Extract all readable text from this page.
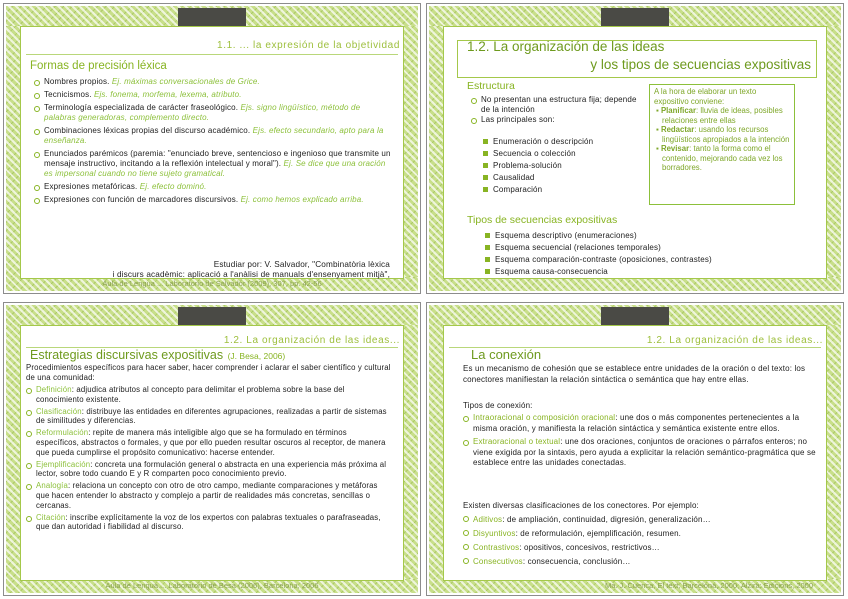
1.1. ... la expresión de la objetividad
Formas de precisión léxica
Nombres propios. Ej. máximas conversacionales de Grice.
Tecnicismos. Ejs. fonema, morfema, lexema, atributo.
Terminología especializada de carácter fraseológico. Ejs. signo lingüístico, método de palabras generadoras, complemento directo.
Combinaciones léxicas propias del discurso académico. Ejs. efecto secundario, apto para la enseñanza.
Enunciados parémicos (paremia: "enunciado breve, sentencioso e ingenioso que transmite un mensaje instructivo, incitando a la reflexión intelectual y moral"). Ej. Se dice que una oración es impersonal cuando no tiene sujeto gramatical.
Expresiones metafóricas. Ej. efecto dominó.
Expresiones con función de marcadores discursivos. Ej. como hemos explicado arriba.
Estudiar por: V. Salvador, "Combinatòria lèxica
i discurs acadèmic: aplicació a l'anàlisi de manuals d'ensenyament mitjà",
Aula de Lengua ... Laboratorio de Salvador (2009), 307, pp. 42-56
1.2. La organización de las ideas
y los tipos de secuencias expositivas
Estructura
No presentan una estructura fija; depende de la intención
Las principales son:
Enumeración o descripción
Secuencia o colección
Problema-solución
Causalidad
Comparación
A la hora de elaborar un texto expositivo conviene:
▪ Planificar: lluvia de ideas, posibles relaciones entre ellas
▪ Redactar: usando los recursos lingüísticos apropiados a la intención
▪ Revisar: tanto la forma como el contenido, mejorando cada vez los borradores.
Tipos de secuencias expositivas
Esquema descriptivo (enumeraciones)
Esquema secuencial (relaciones temporales)
Esquema comparación-contraste (oposiciones, contrastes)
Esquema causa-consecuencia
1.2. La organización de las ideas...
Estrategias discursivas expositivas (J. Besa, 2006)
Procedimientos específicos para hacer saber, hacer comprender i aclarar el saber científico y cultural de una comunidad:
Definición: adjudica atributos al concepto para delimitar el problema sobre la base del conocimiento existente.
Clasificación: distribuye las entidades en diferentes agrupaciones, realizadas a partir de sistemas de similitudes y diferencias.
Reformulación: repite de manera más inteligible algo que se ha formulado en términos específicos, abstractos o formales, y que por ello pueden resultar oscuros al receptor, de manera que pueda cumplirse el propósito comunicativo: hacerse entender.
Ejemplificación: concreta una formulación general o abstracta en una experiencia más próxima al lector, sobre todo cuando E y R comparten poco conocimiento previo.
Analogía: relaciona un concepto con otro de otro campo, mediante comparaciones y metáforas que hacen entender lo abstracto y complejo a partir de realidades más concretas, sencillas o cercanas.
Citación: inscribe explícitamente la voz de los expertos con palabras textuales o parafraseadas, que dan autoridad i fiabilidad al discurso.
Aula de Lengua ... Laboratorio de Besa (2006), Barcelona, 2006
1.2. La organización de las ideas...
La conexión
Es un mecanismo de cohesión que se establece entre unidades de la oración o del texto: los conectores manifiestan la relación sintáctica o semántica que hay entre ellas.
Tipos de conexión:
Intraoracional o composición oracional: une dos o más componentes pertenecientes a la misma oración, y manifiesta la relación sintáctica y semántica existente entre ellos.
Extraoracional o textual: une dos oraciones, conjuntos de oraciones o párrafos enteros; no viene exigida por la sintaxis, pero ayuda a explicitar la relación semántico-pragmática que se establece entre las unidades conectadas.
Existen diversas clasificaciones de los conectores. Por ejemplo:
Aditivos: de ampliación, continuidad, digresión, generalización…
Disyuntivos: de reformulación, ejemplificación, resumen.
Contrastivos: opositivos, concesivos, restrictivos…
Consecutivos: consecuencia, conclusión…
Ma. J. Cuenca, El text, Barcelona, 2000, Alzira: Edicions, 2000
